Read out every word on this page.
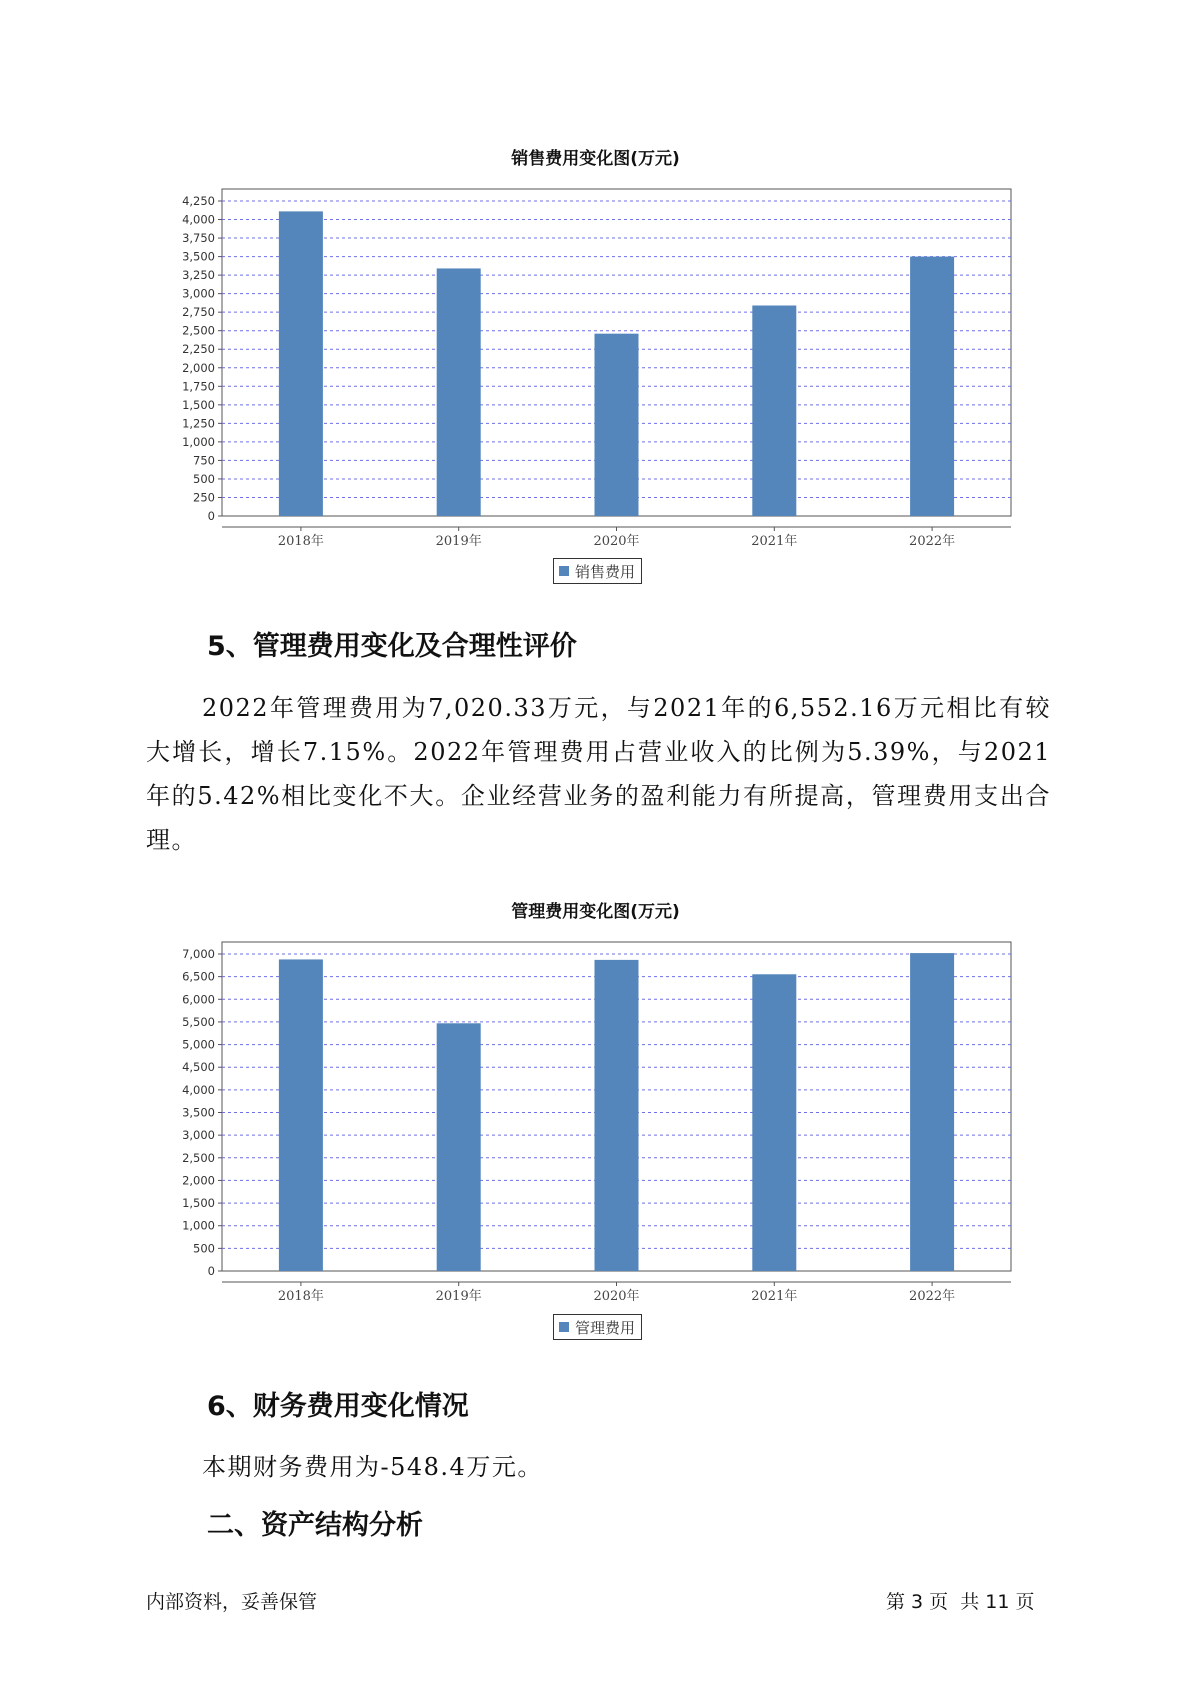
销售费用变化图(万元)
0
250
500
750
1,000
1,250
1,500
1,750
2,000
2,250
2,500
2,750
3,000
3,250
3,500
3,750
4,000
4,250
2018年	2019年	2020年	2021年	2022年
销售费用
5、管理费用变化及合理性评价
2022年管理费用为7,020.33万元，与2021年的6,552.16万元相比有较大增长，增长7.15%。2022年管理费用占营业收入的比例为5.39%，与2021年的5.42%相比变化不大。企业经营业务的盈利能力有所提高，管理费用支出合理。
管理费用变化图(万元)
0
500
1,000
1,500
2,000
2,500
3,000
3,500
4,000
4,500
5,000
5,500
6,000
6,500
7,000
2018年	2019年	2020年	2021年	2022年
管理费用
6、财务费用变化情况
本期财务费用为-548.4万元。
二、资产结构分析
内部资料，妥善保管	第 3 页  共 11 页
